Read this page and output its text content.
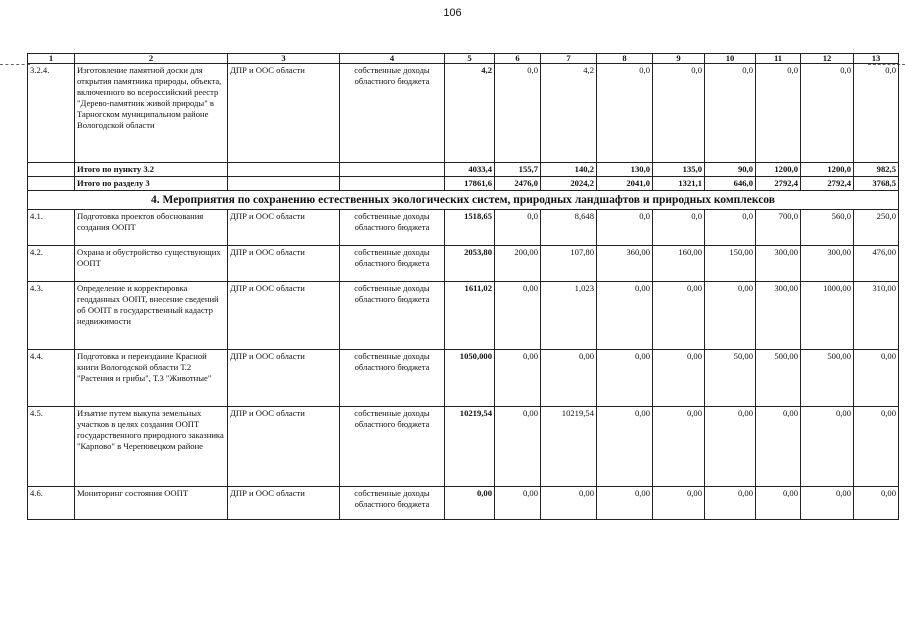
106
1	2	3	4	5	6	7	8	9	10	11	12	13
3.2.4.	Изготовление памятной доски для открытия памятника природы, объекта, включенного во всероссийский реестр "Дерево-памятник живой природы" в Тарногском муниципальном районе Вологодской области	ДПР и ООС области	собственные доходы областного бюджета	4,2	0,0	4,2	0,0	0,0	0,0	0,0	0,0	0,0
	Итого по пункту 3.2			4033,4	155,7	140,2	130,0	135,0	90,0	1200,0	1200,0	982,5
	Итого по разделу 3			17861,6	2476,0	2024,2	2041,0	1321,1	646,0	2792,4	2792,4	3768,5
4. Мероприятия по сохранению естественных экологических систем, природных ландшафтов и природных комплексов												
4.1.	Подготовка проектов обоснования создания ООПТ	ДПР и ООС области	собственные доходы областного бюджета	1518,65	0,0	8,648	0,0	0,0	0,0	700,0	560,0	250,0
4.2.	Охрана и обустройство существующих ООПТ	ДПР и ООС области	собственные доходы областного бюджета	2053,80	200,00	107,80	360,00	160,00	150,00	300,00	300,00	476,00
4.3.	Определение и корректировка геодданных ООПТ, внесение сведений об ООПТ в государственный кадастр недвижимости	ДПР и ООС области	собственные доходы областного бюджета	1611,02	0,00	1,023	0,00	0,00	0,00	300,00	1000,00	310,00
4.4.	Подготовка и переиздание Красной книги Вологодской области Т.2 "Растения и грибы", Т.3 "Животные"	ДПР и ООС области	собственные доходы областного бюджета	1050,000	0,00	0,00	0,00	0,00	50,00	500,00	500,00	0,00
4.5.	Изъятие путем выкупа земельных участков в целях создания ООПТ государственного природного заказника "Карпово" в Череповецком районе	ДПР и ООС области	собственные доходы областного бюджета	10219,54	0,00	10219,54	0,00	0,00	0,00	0,00	0,00	0,00
4.6.	Мониторинг состояния ООПТ	ДПР и ООС области	собственные доходы областного бюджета	0,00	0,00	0,00	0,00	0,00	0,00	0,00	0,00	0,00
